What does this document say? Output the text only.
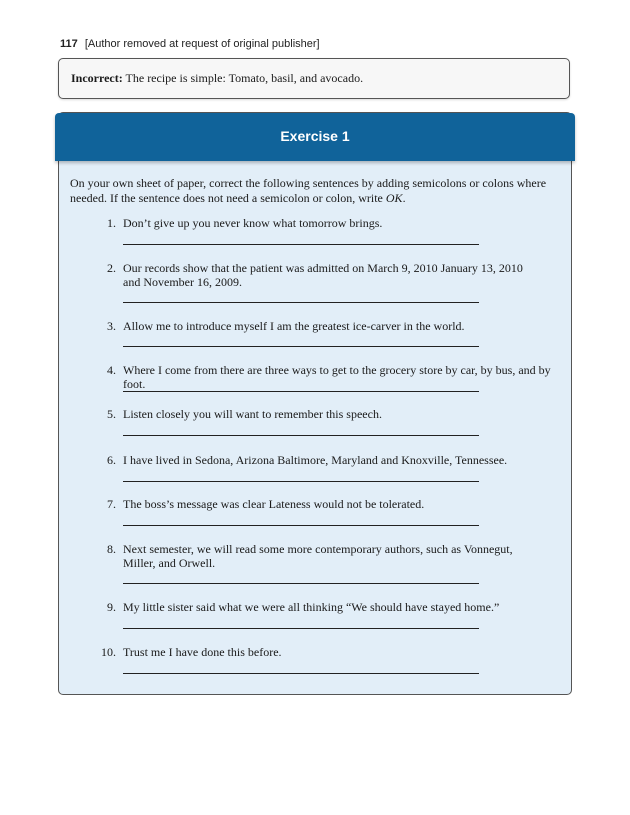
117 [Author removed at request of original publisher]
Incorrect: The recipe is simple: Tomato, basil, and avocado.
Exercise 1
On your own sheet of paper, correct the following sentences by adding semicolons or colons where needed. If the sentence does not need a semicolon or colon, write OK.
1. Don’t give up you never know what tomorrow brings.
2. Our records show that the patient was admitted on March 9, 2010 January 13, 2010 and November 16, 2009.
3. Allow me to introduce myself I am the greatest ice-carver in the world.
4. Where I come from there are three ways to get to the grocery store by car, by bus, and by foot.
5. Listen closely you will want to remember this speech.
6. I have lived in Sedona, Arizona Baltimore, Maryland and Knoxville, Tennessee.
7. The boss’s message was clear Lateness would not be tolerated.
8. Next semester, we will read some more contemporary authors, such as Vonnegut, Miller, and Orwell.
9. My little sister said what we were all thinking “We should have stayed home.”
10. Trust me I have done this before.
